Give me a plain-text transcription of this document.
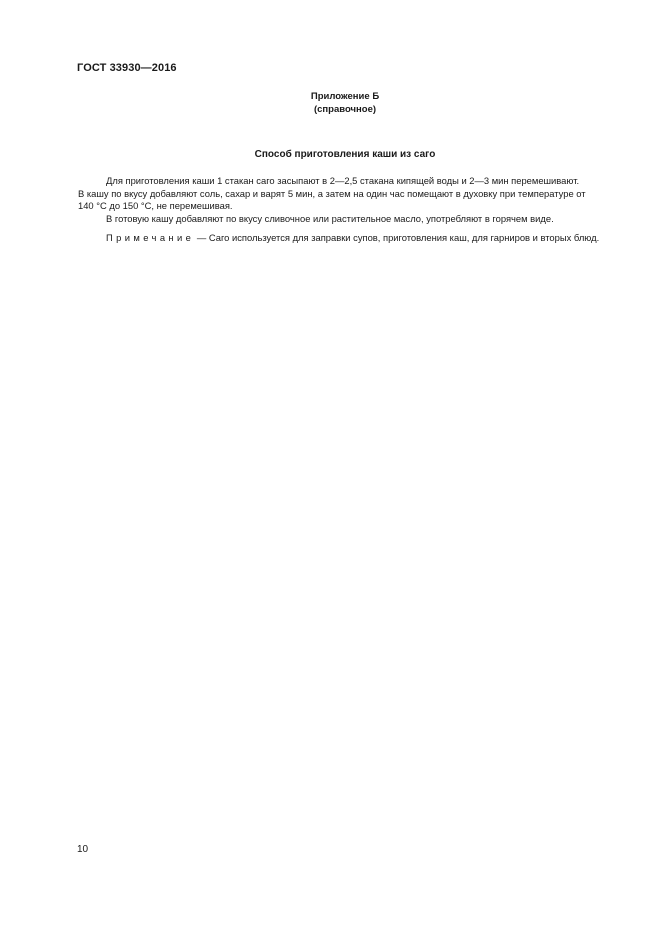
ГОСТ 33930—2016
Приложение Б
(справочное)
Способ приготовления каши из саго
Для приготовления каши 1 стакан саго засыпают в 2—2,5 стакана кипящей воды и 2—3 мин перемешивают.
В кашу по вкусу добавляют соль, сахар и варят 5 мин, а затем на один час помещают в духовку при температуре от
140 °С до 150 °С, не перемешивая.
В готовую кашу добавляют по вкусу сливочное или растительное масло, употребляют в горячем виде.
Примечание — Саго используется для заправки супов, приготовления каш, для гарниров и вторых блюд.
10
